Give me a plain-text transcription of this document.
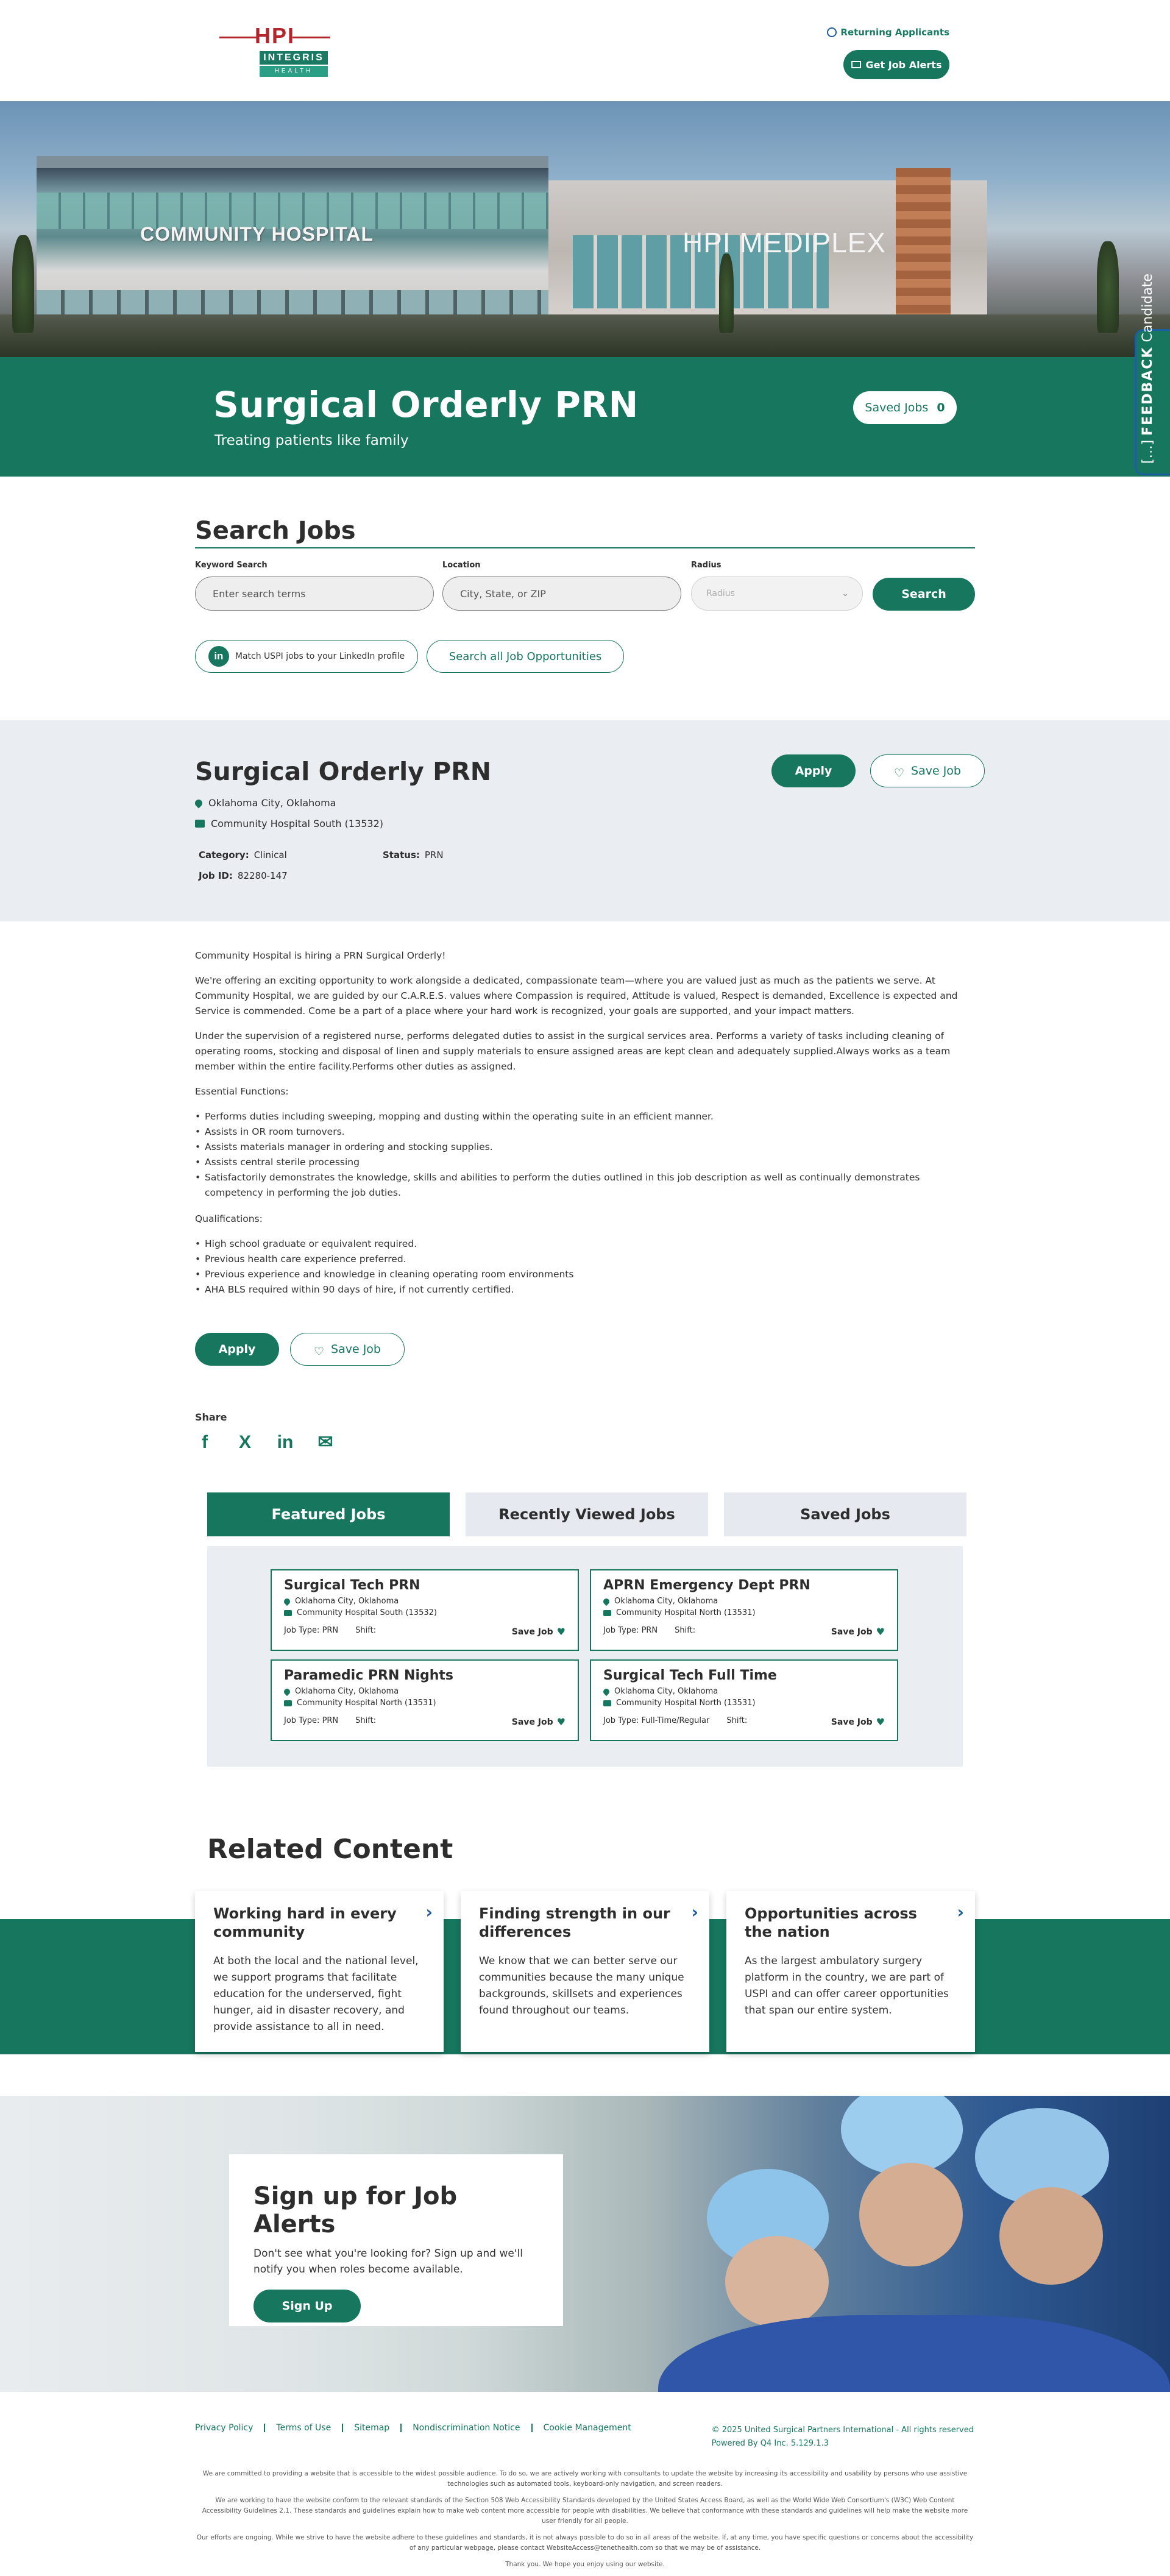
HPI
INTEGRIS
HEALTH
Returning Applicants
Get Job Alerts
COMMUNITY HOSPITAL	HPI MEDIPLEX
Surgical Orderly PRN
Treating patients like family
Saved Jobs 0
[…] FEEDBACK Candidate
Search Jobs
Keyword Search	Location	Radius
Enter search terms	City, State, or ZIP	Radius	⌄	Search
in	Match USPI jobs to your LinkedIn profile	Search all Job Opportunities
Surgical Orderly PRN
Oklahoma City, Oklahoma
Community Hospital South (13532)
Category: Clinical	Status: PRN
Job ID: 82280-147
Apply	♡ Save Job

Community Hospital is hiring a PRN Surgical Orderly!

We're offering an exciting opportunity to work alongside a dedicated, compassionate team—where you are valued just as much as the patients we serve. At Community Hospital, we are guided by our C.A.R.E.S. values where Compassion is required, Attitude is valued, Respect is demanded, Excellence is expected and Service is commended. Come be a part of a place where your hard work is recognized, your goals are supported, and your impact matters.

Under the supervision of a registered nurse, performs delegated duties to assist in the surgical services area. Performs a variety of tasks including cleaning of operating rooms, stocking and disposal of linen and supply materials to ensure assigned areas are kept clean and adequately supplied.Always works as a team member within the entire facility.Performs other duties as assigned.

Essential Functions:

• Performs duties including sweeping, mopping and dusting within the operating suite in an efficient manner.
• Assists in OR room turnovers.
• Assists materials manager in ordering and stocking supplies.
• Assists central sterile processing
• Satisfactorily demonstrates the knowledge, skills and abilities to perform the duties outlined in this job description as well as continually demonstrates competency in performing the job duties.

Qualifications:

• High school graduate or equivalent required.
• Previous health care experience preferred.
• Previous experience and knowledge in cleaning operating room environments
• AHA BLS required within 90 days of hire, if not currently certified.
Apply	♡ Save Job
Share
f	X in ✉
Featured Jobs	Recently Viewed Jobs	Saved Jobs
Surgical Tech PRN
Oklahoma City, Oklahoma
Community Hospital South (13532)
Job Type: PRN Shift:	Save Job ♥
APRN Emergency Dept PRN
Oklahoma City, Oklahoma
Community Hospital North (13531)
Job Type: PRN Shift:	Save Job ♥
Paramedic PRN Nights
Oklahoma City, Oklahoma
Community Hospital North (13531)
Job Type: PRN Shift:	Save Job ♥
Surgical Tech Full Time
Oklahoma City, Oklahoma
Community Hospital North (13531)
Job Type: Full-Time/Regular Shift:	Save Job ♥
Related Content
Working hard in every community
›
At both the local and the national level, we support programs that facilitate education for the underserved, fight hunger, aid in disaster recovery, and provide assistance to all in need.
Finding strength in our differences
›
We know that we can better serve our communities because the many unique backgrounds, skillsets and experiences found throughout our teams.
Opportunities across the nation
›
As the largest ambulatory surgery platform in the country, we are part of USPI and can offer career opportunities that span our entire system.
Sign up for Job Alerts

Don't see what you're looking for? Sign up and we'll notify you when roles become available.

Sign Up
Privacy Policy	Terms of Use	Sitemap	Nondiscrimination Notice	Cookie Management	© 2025 United Surgical Partners International - All rights reserved
Powered By Q4 Inc. 5.129.1.3

We are committed to providing a website that is accessible to the widest possible audience. To do so, we are actively working with consultants to update the website by increasing its accessibility and usability by persons who use assistive technologies such as automated tools, keyboard-only navigation, and screen readers.

We are working to have the website conform to the relevant standards of the Section 508 Web Accessibility Standards developed by the United States Access Board, as well as the World Wide Web Consortium's (W3C) Web Content Accessibility Guidelines 2.1. These standards and guidelines explain how to make web content more accessible for people with disabilities. We believe that conformance with these standards and guidelines will help make the website more user friendly for all people.

Our efforts are ongoing. While we strive to have the website adhere to these guidelines and standards, it is not always possible to do so in all areas of the website. If, at any time, you have specific questions or concerns about the accessibility of any particular webpage, please contact WebsiteAccess@tenethealth.com so that we may be of assistance.

Thank you. We hope you enjoy using our website.
